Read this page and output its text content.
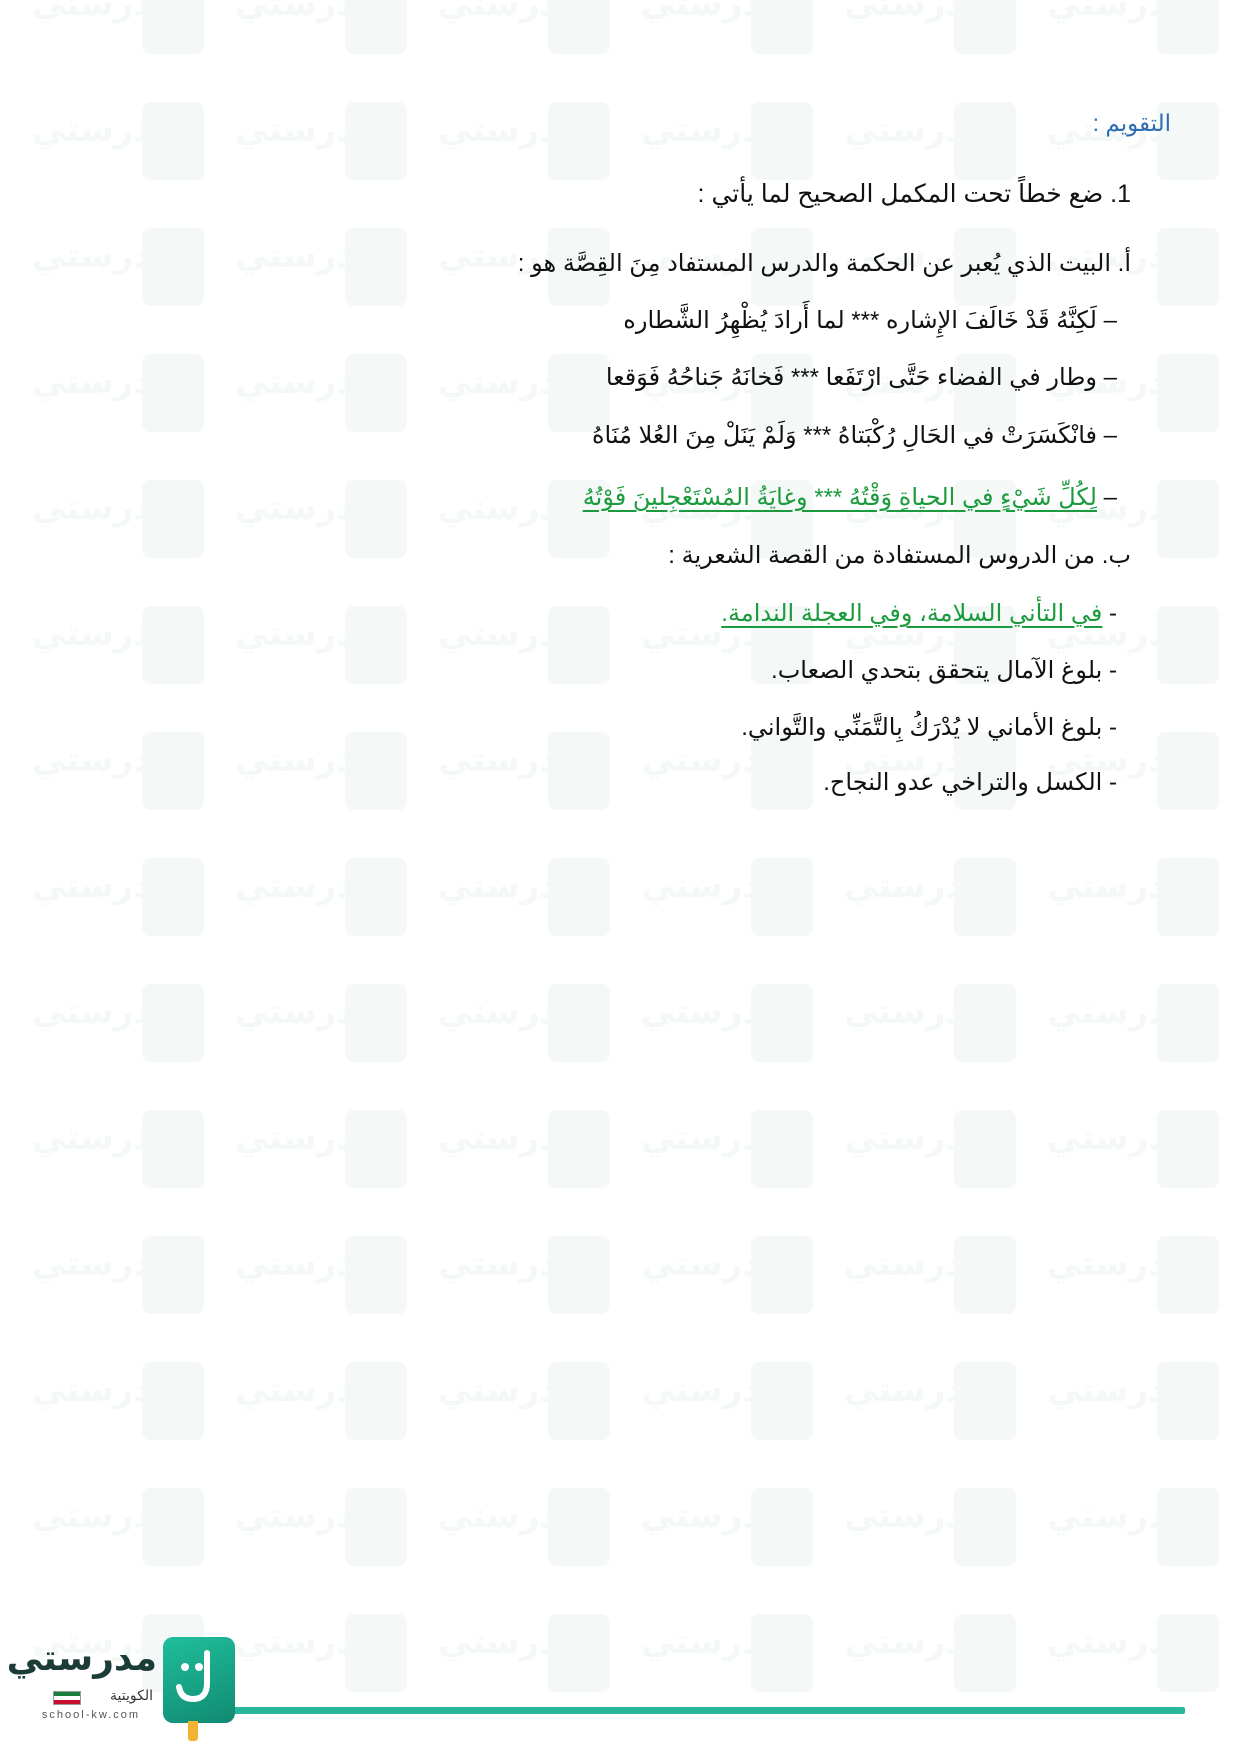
التقويم :
1. ضع خطاً تحت المكمل الصحيح لما يأتي :
أ. البيت الذي يُعبر عن الحكمة والدرس المستفاد مِنَ القِصَّة هو :
– لَكِنَّهُ قَدْ خَالَفَ الإِشاره *** لما أَرادَ يُظْهِرُ الشَّطاره
– وطار في الفضاء حَتَّى ارْتَفَعا *** فَخانَهُ جَناحُهُ فَوَقعا
– فانْكَسَرَتْ في الحَالِ رُكْبَتاهُ *** وَلَمْ يَنَلْ مِنَ العُلا مُنَاهُ
– لِكُلِّ شَيْءٍ في الحياةِ وَقْتُهُ *** وغايَةُ المُسْتَعْجِلينَ فَوْتُهُ
ب. من الدروس المستفادة من القصة الشعرية :
- في التأني السلامة، وفي العجلة الندامة.
- بلوغ الآمال يتحقق بتحدي الصعاب.
- بلوغ الأماني لا يُدْرَكُ بِالتَّمَنِّي والتَّواني.
- الكسل والتراخي عدو النجاح.
مدرستي
الكويتية
school-kw.com
